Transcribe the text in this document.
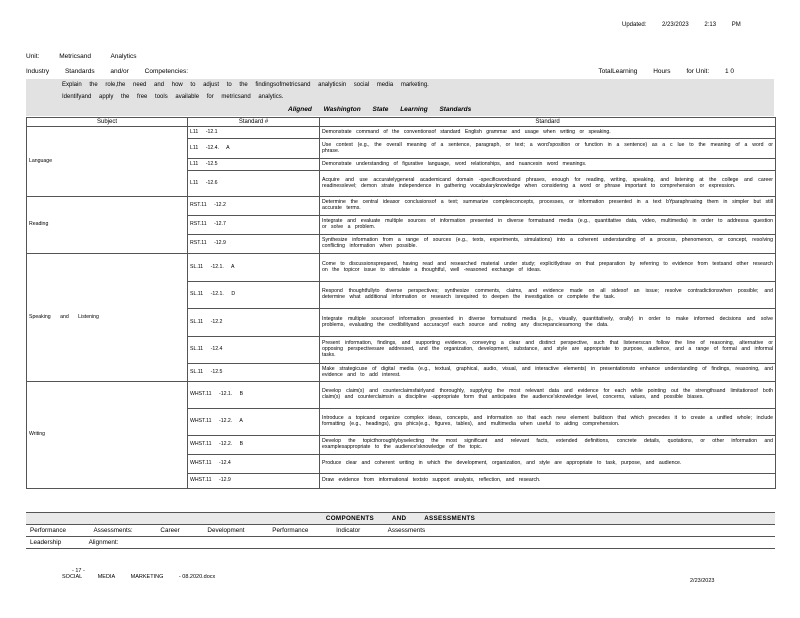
Updated:	2/23/2023	2:13	PM
Unit:	Metricsand	Analytics
Industry Standards and/or Competencies:	TotalLearning Hours for Unit: 1 0
Explain the role,the need and how to adjust to the findingsofmetricsand analyticsin social media marketing.
Identifyand apply the free tools available for metricsand analytics.
Aligned Washington State Learning Standards
Subject	Standard #	Standard
Language	L11 -12.1	Demonstrate command of the conventionsof standard English grammar and usage when writing or speaking.
	L11 -12.4. A	Use context (e.g., the overall meaning of a sentence, paragraph, or text; a word'sposition or function in a sentence) as a c lue to the meaning of a word or phrase.
	L11 -12.5	Demonstrate understanding of figurative language, word relationships, and nuancesin word meanings.
	L11 -12.6	Acquire and use accuratelygeneral academicand domain -specificwordsand phrases, enough for reading, writing, speaking, and listening at the college and career readinesslevel; demon strate independence in gathering vocabularyknowledge when considering a word or phrase important to comprehension or expression.
Reading	RST.11 -12.2	Determine the central ideasor conclusionsof a text; summarize complexconcepts, processes, or information presented in a text bYparaphrasing them in simpler but still accurate terms.
	RST.11 -12.7	Integrate and evaluate multiple sources of information presented in diverse formatsand media (e.g., quantitative data, video, multimedia) in order to addressa question or solve a problem.
	RST.11 -12.9	Synthesize information from a range of sources (e.g., texts, experiments, simulations) into a coherent understanding of a process, phenomenon, or concept, resolving conflicting information when possible.
Speaking and Listening	SL.11 -12.1. A	Come to discussionsprepared, having read and researched material under study; explicitlydraw on that preparation by referring to evidence from textsand other research on the topicor issue to stimulate a thoughtful, well -reasoned exchange of ideas.
	SL.11 -12.1. D	Respond thoughtfullyto diverse perspectives; synthesize comments, claims, and evidence made on all sidesof an issue; resolve contradictionswhen possible; and determine what additional information or research isrequired to deepen the investigation or complete the task.
	SL.11 -12.2	Integrate multiple sourcesof information presented in diverse formatsand media (e.g., visually, quantitatively, orally) in order to make informed decisions and solve problems, evaluating the credibilityand accuracyof each source and noting any discrepanciesamong the data.
	SL.11 -12.4	Present information, findings, and supporting evidence, conveying a clear and distinct perspective, such that listenerscan follow the line of reasoning, alternative or opposing perspectivesare addressed, and the organization, development, substance, and style are appropriate to purpose, audience, and a range of formal and informal tasks.
	SL.11 -12.5	Make strategicuse of digital media (e.g., textual, graphical, audio, visual, and interactive elements) in presentationsto enhance understanding of findings, reasoning, and evidence and to add interest.
Writing	WHST.11 -12.1. B	Develop claim(s) and counterclaimsfairlyand thoroughly, supplying the most relevant data and evidence for each while pointing out the strengthsand limitationsof both claim(s) and counterclaimsin a discipline -appropriate form that anticipates the audience'sknowledge level, concerns, values, and possible biases.
	WHST.11 -12.2. A	Introduce a topicand organize complex ideas, concepts, and information so that each new element buildson that which precedes it to create a unified whole; include formatting (e.g., headings), gra phics(e.g., figures, tables), and multimedia when useful to aiding comprehension.
	WHST.11 -12.2. B	Develop the topicthoroughlybyselecting the most significant and relevant facts, extended definitions, concrete details, quotations, or other information and examplesappropriate to the audience'sknowledge of the topic.
	WHST.11 -12.4	Produce clear and coherent writing in which the development, organization, and style are appropriate to task, purpose, and audience.
	WHST.11 -12.9	Draw evidence from informational textsto support analysis, reflection, and research.
COMPONENTS AND ASSESSMENTS
Performance	Assessments:	Career	Development	Performance	Indicator	Assessments
Leadership	Alignment:
- 17 -
SOCIAL	MEDIA	MARKETING	- 08.2020.docx
2/23/2023
